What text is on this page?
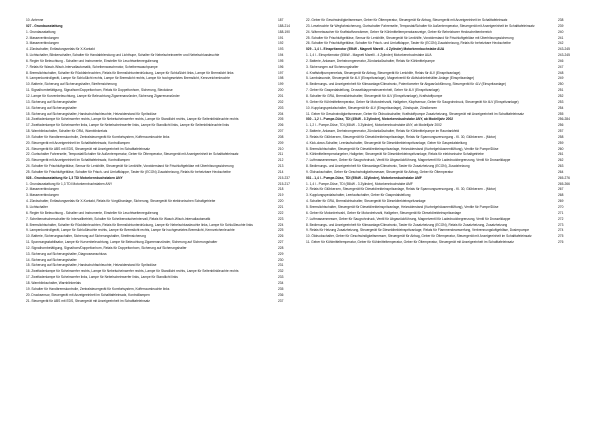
10. Antenne	187
027 - Grundausstattung	188-214
1. Grundausstattung	188-190
2. Masseverbindungen	191
3. Masseverbindungen	192
4. Zündschalter, Entlastungsrelais für X-Kontakt	193
5. Lichtschalter, Blinkerschalter, Schalter für Handabblendung und Lichthupe, Schalter für Nebelscheinwerfer und Nebelschlussleuchte	194
6. Regler für Beleuchtung - Schalter und Instrumente, Einsteller für Leuchtweitenregulierung	195
7. Relais für Wasch-Wisch-Intervallautomatik, Scheibenwaschmotor, Scheibenwaschpumpe	196
8. Bremslichtschalter, Schalter für Rückfahrleuchten, Relais für Bremslichtunterdrückung, Lampe für Schlußlicht links, Lampe für Bremslicht links	197
9. Lampenkontrollgerät, Lampe für Schlußlicht rechts, Lampe für Bremslicht rechts, Lampe für hochgesetztes Bremslicht, Kennzeichenleuchte	198
10. Batterie, Sicherung auf Sicherungshalter, Streifensicherung	199
11. Signalhornbetätigung, Signalhorn/Doppeltonhorn, Relais für Doppeltonhorn, Sicherung, Steckdose	200
12. Lampe für Kurvenbeleuchtung, Lampe für Beleuchtung Zigarrenanzünder, Sicherung Zigarrenanzünder	201
13. Sicherung auf Sicherungshalter	202
14. Sicherung auf Sicherungshalter	203
15. Sicherung auf Sicherungshalter, Handschuhfachleuchte, Heizwiderstand für Spritzdüse	204
16. Zweifadenlampe für Scheinwerfer rechts, Lampe für Nebelscheinwerfer rechts, Lampe für Standlicht rechts, Lampe für Seitenblinkleuchte rechts	205
17. Zweifadenlampe für Scheinwerfer links, Lampe für Nebelscheinwerfer links, Lampe für Standlicht links, Lampe für Seitenblinkleuchte links	206
18. Warnblinkschalter, Schalter für ORA, Warnblinkrelais	207
19. Schalter für Handbremskontrolle, Zentralsteuergerät für Komfortsystem, Kofferraumleuchte links	208
20. Steuergerät mit Anzeigeeinheit im Schalttafeleinsatz, Kontrolllampen	209
21. Steuergerät für ABS mit EDS, Steuergerät mit Anzeigeeinheit im Schalttafeleinsatz	210
22. Gurtschalter Fahrerseite, Tempostat/Schalter für Außentemperatur, Geber für Öltemperatur, Steuergerät mit Anzeigeeinheit im Schalttafeleinsatz	211
23. Steuergerät mit Anzeigeeinheit im Schalttafeleinsatz, Kontrolllampen	212
24. Schalter für Frischluftgebläse, Sensor für Lenkhilfe, Steuergerät für Lenkhilfe, Vorwiderstand für Frischluftgebläse mit Überhitzungssicherung	213
25. Schalter für Frischluftgebläse, Schalter für Frisch- und Umluftklappe, Taster für (ECON) Zusatzheizung, Relais für beheizbare Heckscheibe	214
028 - Grundausstattung für 1,3 TDI Motorkennbuchstaben ANY	215-237
1. Grundausstattung für 1,3 TDI Motorkennbuchstaben ANY	215-217
2. Masseverbindungen	218
3. Masseverbindungen	219
4. Zündschalter, Entlastungsrelais für X-Kontakt, Relais für Vorglühanlage, Sicherung, Steuergerät für elektronischen Schaltgetriebe	220
5. Lichtschalter	221
6. Regler für Beleuchtung - Schalter und Instrumente, Einsteller für Leuchtweitenregulierung	222
7. Scheibenwischerschalter für Intervallbetrieb, Schalter für Scheibenwischerintervall, Relais für Wasch-Wisch-Intervallautomatik	223
8. Bremslichtschalter, Schalter für Rückfahrleuchten, Relais für Bremslichtunterdrückung, Lampe für Nebelschlussleuchte links, Lampe für Schlußleuchte links	224
9. Lampenkontrollgerät, Lampe für Schlußleuchte rechts, Lampe für Bremslicht rechts, Lampe für hochgesetztes Bremslicht, Kennzeichenleuchte	225
10. Batterie, Sicherungsschalter, Sicherung auf Sicherungshalter, Streifensicherung	226
11. Spannungsstabilisator, Lampe für Kurvenbeleuchtung, Lampe für Beleuchtung Zigarrenanzünder, Sicherung auf Sicherungshalter	227
12. Signalhornbetätigung, Signalhorn/Doppeltonhorn, Relais für Doppeltonhorn, Sicherung auf Sicherungshalter	228
13. Sicherung auf Sicherungshalter, Diagnoseanschluss	229
14. Sicherung auf Sicherungshalter	230
15. Sicherung auf Sicherungshalter, Handschuhfachleuchte, Heizwiderstand für Spritzdüse	231
16. Zweifadenlampe für Scheinwerfer rechts, Lampe für Nebelscheinwerfer rechts, Lampe für Standlicht rechts, Lampe für Seitenblinkleuchte rechts	232
17. Zweifadenlampe für Scheinwerfer links, Lampe für Nebelscheinwerfer links, Lampe für Standlicht links	233
18. Warnblinkschalter, Warnblinkrelais	234
19. Schalter für Handbremskontrolle, Zentralsteuergerät für Komfortsystem, Kofferraumleuchte links	235
20. Drucksensor, Steuergerät mit Anzeigeeinheit im Schalttafeleinsatz, Kontrolllampen	236
21. Steuergerät für ABS mit EDS, Steuergerät mit Anzeigeeinheit im Schalttafeleinsatz	237
22. Geber für Geschwindigkeitsmesser, Geber für Öltemperatur, Steuergerät für Airbag, Steuergerät mit Anzeigeeinheit im Schalttafeleinsatz	238
23. Leseleuchte für Wegfahrsicherung, Gurtschalter Fahrerseite, Tempostat/Schalter für Außentemperatur, Steuergerät mit Anzeigeeinheit im Schalttafeleinsatz	239
24. Wärmetauscher für Kraftstoffvorwärmer, Geber für Kühlmitteltemperaturanzeige, Geber für Beheizbarer Heckscheibenbereich	240
25. Schalter für Frischluftgebläse, Sensor für Lenkhilfe, Steuergerät für Lenkhilfe, Vorwiderstand für Frischluftgebläse mit Überhitzungssicherung	241
26. Schalter für Frischluftgebläse, Schalter für Frisch- und Umluftklappe, Taster für (ECON) Zusatzheizung, Relais für beheizbare Heckscheibe	242
029 - 1,4 l - Einspritzmotor (55kW - Magneti Marelli - 4 Zylinder) Motorkennbuchstabe AUA	243-245
1. 1,4 l - Einspritzmotor (55kW - Magneti Marelli - 4 Zylinder) Motorkennbuchstabe AUA	243-245
2. Batterie, Anlasser, Drehstromgenerator, Zündanlaßschalter, Relais für Kühlmittelpumpe	246
3. Sicherungen auf Sicherungshalter	247
4. Kraftstoffpumpenrelais, Steuergerät für Airbag, Steuergerät für Lenkhilfe, Relais für 4LV (Einspritzanlage)	248
5. Lambdasonde, Steuergerät für 4LV (Einspritzanlage), Magnetventil für Aktivkohlebehälter-Anlage (Einspritzanlage)	249
6. Bedienungs- und Anzeigeeinheit für Klimaanlage/Climatronic, Potentiometer für Abgasrückführung, Steuergerät für 4LV (Einspritzanlage)	250
7. Geber für Gaspedalstellung, Drosselklappensteuereinheit, Geber für 4LV (Einspritzanlage)	251
8. Schalter für GRA, Bremslichtschalter, Steuergerät für 4LV (Einspritzanlage), Kraftstoffpumpe	252
9. Geber für Kühlmitteltemperatur, Geber für Motordrehzahl, Hallgeber, Klopfsensor, Geber für Saugrohrdruck, Steuergerät für 4LV (Einspritzanlage)	253
10. Kupplungspedalschalter, Steuergerät für 4LV (Einspritzanlage), Zündspule, Zündkerzen	254
11. Geber für Geschwindigkeitsmesser, Geber für Öldruckschalter, Kraftstoffpumpe Zusatzheizung, Steuergerät mit Anzeigeeinheit im Schalttafeleinsatz	255
030 - 1,2 l - Pumpe-Düse, TDI (45kW - 3 Zylinder), Motorkennbuchstabe ANY, ab Modelljahr 2002	256-284
1. 1,2 l - Pumpe-Düse, TDI (45kW - 3 Zylinder), Motorkennbuchstabe ANY, ab Modelljahr 2002	256
2. Batterie, Anlasser, Drehstromgenerator, Zündanlaßschalter, Relais für Kühlmittelpumpe im Rauntankfeld	257
3. Relais für Glühkerzen, Steuergerät für Dieseldirekteinspritzanlage, Relais für Spannungsversorgung - Kl. 30, Glühkerzen - (Motor)	258
4. Kick-down-Schalter, Leerlaufschalter, Steuergerät für Dieseldirekteinspritzanlage, Geber für Gaspedalstellung	259
5. Bremslichtschalter, Steuergerät für Dieseldirekteinspritzanlage, Heizwiderstand (Kurbelgehäuseentlüftung), Ventile für Pumpe/Düse	260
6. Kühlmitteltemperaturgeber, Hallgeber, Steuergerät für Dieseldirekteinspritzanlage, Relais für elektronische Schaltgetriebe	261
7. Luftmassenmesser, Geber für Saugrohrdruck, Ventil für Abgasrückführung, Magnetventil für Ladedruckbegrenzung, Ventil für Drosselklappe	262
8. Bedienungs- und Anzeigeeinheit für Klimaanlage/Climatronic, Taster für Zusatzheizung (ECON), Zusatzheizung	263
9. Öldruckschalter, Geber für Geschwindigkeitsmesser, Steuergerät für Airbag, Geber für Öltemperatur	264
031 - 1,4 l - Pumpe-Düse, TDI (55kW - 3Zylinder), Motorkennbuchstabe AMF	265-276
1. 1,4 l - Pumpe-Düse, TDI (55kW - 3 Zylinder), Motorkennbuchstabe AMF	265-266
2. Relais für Glühkerzen, Steuergerät für Dieseldirekteinspritzanlage, Relais für Spannungsversorgung - Kl. 30, Glühkerzen - (Motor)	267
3. Kupplungspedalschalter, Leerlaufschalter, Geber für Gaspedalstellung	268
4. Schalter für GRA, Bremslichtschalter, Steuergerät für Dieseldirekteinspritzanlage	269
5. Bremslichtschalter, Steuergerät für Dieseldirekteinspritzanlage, Heizwiderstand (Kurbelgehäuseentlüftung), Ventile für Pumpe/Düse	270
6. Geber für Motordrehzahl, Geber für Motordrehzahl, Hallgeber, Steuergerät für Dieseldirekteinspritzanlage	271
7. Luftmassenmesser, Geber für Saugrohrdruck, Ventil für Abgasrückführung, Magnetventil für Ladedruckbegrenzung, Ventil für Drosselklappe	272
8. Bedienungs- und Anzeigeeinheit für Klimaanlage/Climatronic, Taster für Zusatzheizung (ECON), Relais für Zusatzheizung, Zusatzheizung	273
9. Relais für Heizung Zusatzheizung, Steuergerät für Dieseldirekteinspritzanlage, Relais für Flammendeanwerfung, Verbrennungsluftgebläse, Dosierpumpe	274
10. Öldruckschalter, Geber für Geschwindigkeitsmesser, Steuergerät für Airbag, Geber für Öltemperatur, Steuergerät mit Anzeigeeinheit im Schalttafeleinsatz	275
11. Geber für Kühlmitteltemperatur, Geber für Kühlmitteltemperatur, Geber für Öltemperatur, Steuergerät mit Anzeigeeinheit im Schalttafeleinsatz	276
